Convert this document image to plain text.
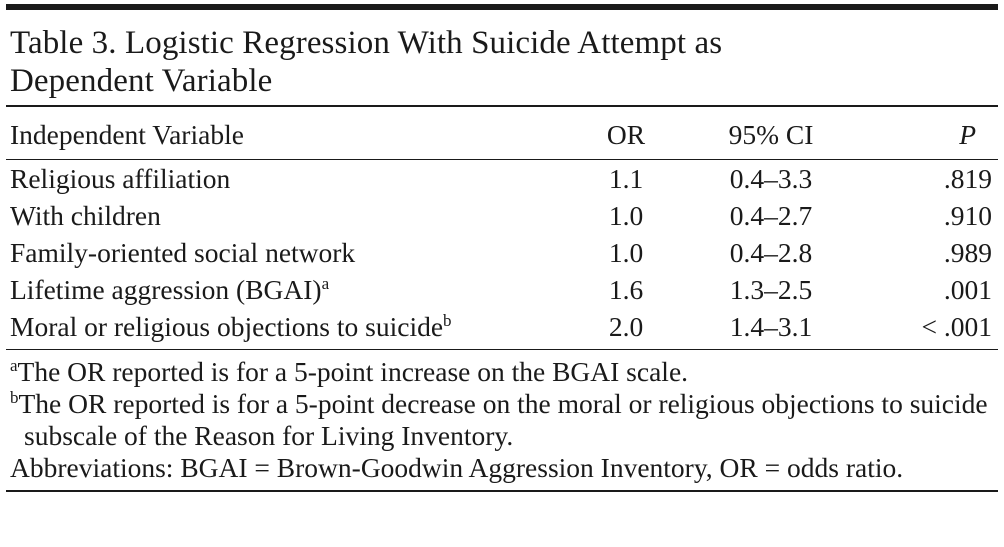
Table 3. Logistic Regression With Suicide Attempt as
Dependent Variable
Independent Variable	OR	95% CI	P

Religious affiliation	1.1	0.4–3.3	.819
With children	1.0	0.4–2.7	.910
Family-oriented social network	1.0	0.4–2.8	.989
Lifetime aggression (BGAI)$^a$	1.6	1.3–2.5	.001
Moral or religious objections to suicide$^b$	2.0	1.4–3.1	< .001
$^a$The OR reported is for a 5-point increase on the BGAI scale.
$^b$The OR reported is for a 5-point decrease on the moral or religious objections to suicide subscale of the Reason for Living Inventory.
Abbreviations: BGAI = Brown-Goodwin Aggression Inventory, OR = odds ratio.
